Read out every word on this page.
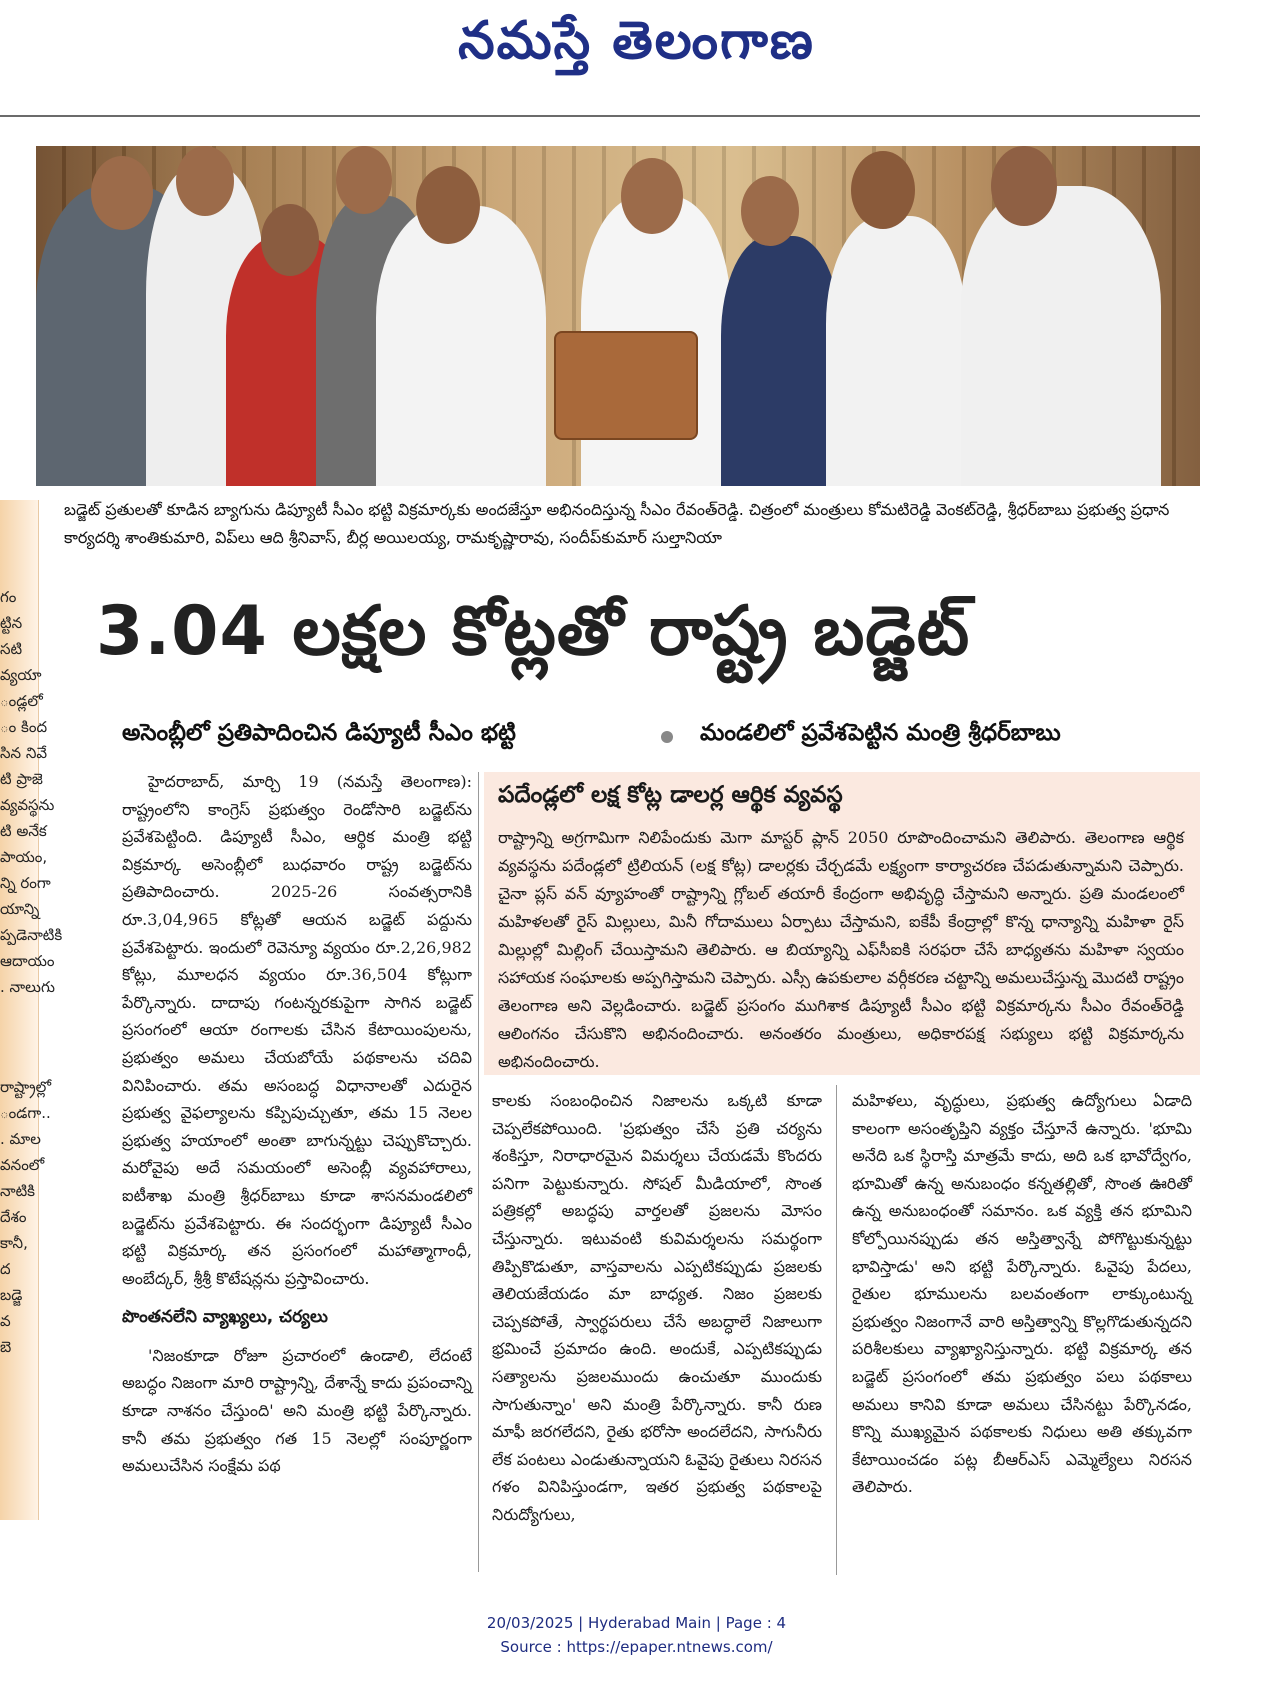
నమస్తే తెలంగాణ
బడ్జెట్ ప్రతులతో కూడిన బ్యాగును డిప్యూటీ సీఎం భట్టి విక్రమార్కకు అందజేస్తూ అభినందిస్తున్న సీఎం రేవంత్‌రెడ్డి. చిత్రంలో మంత్రులు కోమటిరెడ్డి వెంకట్‌రెడ్డి, శ్రీధర్‌బాబు ప్రభుత్వ ప్రధాన కార్యదర్శి శాంతికుమారి, విప్‌లు ఆది శ్రీనివాస్, బీర్ల అయిలయ్య, రామకృష్ణారావు, సందీప్‌కుమార్ సుల్తానియా
గం
ట్టిన
సటి
వ్యయా
ండ్లలో
ం కింద
సిన నివే
టి ప్రాజె
వ్యవస్థను
టి అనేక
పాయం,
న్ని రంగా
యాన్ని
ప్పడెనాటికి
ఆదాయం
. నాలుగు
రాష్ట్రాల్లో
ండగా..
. మాల
వనంలో
నాటికి
దేశం
కానీ,
ద
బడ్జె
వ
బె
3.04 లక్షల కోట్లతో రాష్ట్ర బడ్జెట్
అసెంబ్లీలో ప్రతిపాదించిన డిప్యూటీ సీఎం భట్టి	మండలిలో ప్రవేశపెట్టిన మంత్రి శ్రీధర్‌బాబు

హైదరాబాద్, మార్చి 19 (నమస్తే తెలంగాణ): రాష్ట్రంలోని కాంగ్రెస్ ప్రభుత్వం రెండోసారి బడ్జెట్‌ను ప్రవేశపెట్టింది. డిప్యూటీ సీఎం, ఆర్థిక మంత్రి భట్టి విక్రమార్క అసెంబ్లీలో బుధవారం రాష్ట్ర బడ్జెట్‌ను ప్రతిపాదించారు. 2025-26 సంవత్సరానికి రూ.3,04,965 కోట్లతో ఆయన బడ్జెట్ పద్దును ప్రవేశపెట్టారు. ఇందులో రెవెన్యూ వ్యయం రూ.2,26,982 కోట్లు, మూలధన వ్యయం రూ.36,504 కోట్లుగా పేర్కొన్నారు. దాదాపు గంటన్నరకుపైగా సాగిన బడ్జెట్ ప్రసంగంలో ఆయా రంగాలకు చేసిన కేటాయింపులను, ప్రభుత్వం అమలు చేయబోయే పథకాలను చదివి వినిపించారు. తమ అసంబద్ధ విధానాలతో ఎదురైన ప్రభుత్వ వైఫల్యాలను కప్పిపుచ్చుతూ, తమ 15 నెలల ప్రభుత్వ హయాంలో అంతా బాగున్నట్టు చెప్పుకొచ్చారు. మరోవైపు అదే సమయంలో అసెంబ్లీ వ్యవహారాలు, ఐటీశాఖ మంత్రి శ్రీధర్‌బాబు కూడా శాసనమండలిలో బడ్జెట్‌ను ప్రవేశపెట్టారు. ఈ సందర్భంగా డిప్యూటీ సీఎం భట్టి విక్రమార్క తన ప్రసంగంలో మహాత్మాగాంధీ, అంబేద్కర్, శ్రీశ్రీ కొటేషన్లను ప్రస్తావించారు.

పొంతనలేని వ్యాఖ్యలు, చర్యలు

'నిజంకూడా రోజూ ప్రచారంలో ఉండాలి, లేదంటే అబద్ధం నిజంగా మారి రాష్ట్రాన్ని, దేశాన్నే కాదు ప్రపంచాన్ని కూడా నాశనం చేస్తుంది' అని మంత్రి భట్టి పేర్కొన్నారు. కానీ తమ ప్రభుత్వం గత 15 నెలల్లో సంపూర్ణంగా అమలుచేసిన సంక్షేమ పథ

పదేండ్లలో లక్ష కోట్ల డాలర్ల ఆర్థిక వ్యవస్థ

రాష్ట్రాన్ని అగ్రగామిగా నిలిపేందుకు మెగా మాస్టర్ ప్లాన్ 2050 రూపొందించామని తెలిపారు. తెలంగాణ ఆర్థిక వ్యవస్థను పదేండ్లలో ట్రిలియన్ (లక్ష కోట్ల) డాలర్లకు చేర్చడమే లక్ష్యంగా కార్యాచరణ చేపడుతున్నామని చెప్పారు. చైనా ప్లస్ వన్ వ్యూహంతో రాష్ట్రాన్ని గ్లోబల్ తయారీ కేంద్రంగా అభివృద్ధి చేస్తామని అన్నారు. ప్రతి మండలంలో మహిళలతో రైస్ మిల్లులు, మినీ గోదాములు ఏర్పాటు చేస్తామని, ఐకేపీ కేంద్రాల్లో కొన్న ధాన్యాన్ని మహిళా రైస్ మిల్లుల్లో మిల్లింగ్ చేయిస్తామని తెలిపారు. ఆ బియ్యాన్ని ఎఫ్‌సీఐకి సరఫరా చేసే బాధ్యతను మహిళా స్వయం సహాయక సంఘాలకు అప్పగిస్తామని చెప్పారు. ఎస్సీ ఉపకులాల వర్గీకరణ చట్టాన్ని అమలుచేస్తున్న మొదటి రాష్ట్రం తెలంగాణ అని వెల్లడించారు. బడ్జెట్ ప్రసంగం ముగిశాక డిప్యూటీ సీఎం భట్టి విక్రమార్కను సీఎం రేవంత్‌రెడ్డి ఆలింగనం చేసుకొని అభినందించారు. అనంతరం మంత్రులు, అధికారపక్ష సభ్యులు భట్టి విక్రమార్కను అభినందించారు.

కాలకు సంబంధించిన నిజాలను ఒక్కటి కూడా చెప్పలేకపోయింది. 'ప్రభుత్వం చేసే ప్రతి చర్యను శంకిస్తూ, నిరాధారమైన విమర్శలు చేయడమే కొందరు పనిగా పెట్టుకున్నారు. సోషల్ మీడియాలో, సొంత పత్రికల్లో అబద్ధపు వార్తలతో ప్రజలను మోసం చేస్తున్నారు. ఇటువంటి కువిమర్శలను సమర్థంగా తిప్పికొడుతూ, వాస్తవాలను ఎప్పటికప్పుడు ప్రజలకు తెలియజేయడం మా బాధ్యత. నిజం ప్రజలకు చెప్పకపోతే, స్వార్థపరులు చేసే అబద్ధాలే నిజాలుగా భ్రమించే ప్రమాదం ఉంది. అందుకే, ఎప్పటికప్పుడు సత్యాలను ప్రజలముందు ఉంచుతూ ముందుకు సాగుతున్నాం' అని మంత్రి పేర్కొన్నారు. కానీ రుణ మాఫీ జరగలేదని, రైతు భరోసా అందలేదని, సాగునీరు లేక పంటలు ఎండుతున్నాయని ఓవైపు రైతులు నిరసన గళం వినిపిస్తుండగా, ఇతర ప్రభుత్వ పథకాలపై నిరుద్యోగులు,

మహిళలు, వృద్ధులు, ప్రభుత్వ ఉద్యోగులు ఏడాది కాలంగా అసంతృప్తిని వ్యక్తం చేస్తూనే ఉన్నారు. 'భూమి అనేది ఒక స్థిరాస్తి మాత్రమే కాదు, అది ఒక భావోద్వేగం, భూమితో ఉన్న అనుబంధం కన్నతల్లితో, సొంత ఊరితో ఉన్న అనుబంధంతో సమానం. ఒక వ్యక్తి తన భూమిని కోల్పోయినప్పుడు తన అస్తిత్వాన్నే పోగొట్టుకున్నట్టు భావిస్తాడు' అని భట్టి పేర్కొన్నారు. ఓవైపు పేదలు, రైతుల భూములను బలవంతంగా లాక్కుంటున్న ప్రభుత్వం నిజంగానే వారి అస్తిత్వాన్ని కొల్లగొడుతున్నదని పరిశీలకులు వ్యాఖ్యానిస్తున్నారు. భట్టి విక్రమార్క తన బడ్జెట్ ప్రసంగంలో తమ ప్రభుత్వం పలు పథకాలు అమలు కానివి కూడా అమలు చేసినట్టు పేర్కొనడం, కొన్ని ముఖ్యమైన పథకాలకు నిధులు అతి తక్కువగా కేటాయించడం పట్ల బీఆర్‌ఎస్ ఎమ్మెల్యేలు నిరసన తెలిపారు.

20/03/2025 | Hyderabad Main | Page : 4
Source : https://epaper.ntnews.com/
